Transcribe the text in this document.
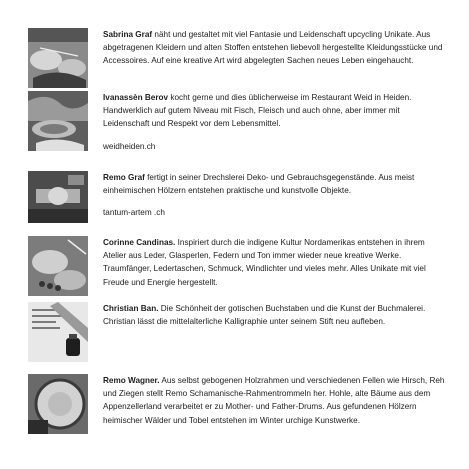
Sabrina Graf näht und gestaltet mit viel Fantasie und Leidenschaft upcycling Unikate. Aus abgetragenen Kleidern und alten Stoffen entstehen liebevoll hergestellte Kleidungsstücke und Accessoires. Auf eine kreative Art wird abgelegten Sachen neues Leben eingehaucht.

Ivanassèn Berov kocht gerne und dies üblicherweise im Restaurant Weid in Heiden. Handwerklich auf gutem Niveau mit Fisch, Fleisch und auch ohne, aber immer mit Leidenschaft und Respekt vor dem Lebensmittel.

weidheiden.ch

Remo Graf fertigt in seiner Drechslerei Deko- und Gebrauchsgegenstände. Aus meist einheimischen Hölzern entstehen praktische und kunstvolle Objekte.

tantum-artem .ch

Corinne Candinas. Inspiriert durch die indigene Kultur Nordamerikas entstehen in ihrem Atelier aus Leder, Glasperlen, Federn und Ton immer wieder neue kreative Werke. Traumfänger, Ledertaschen, Schmuck, Windlichter und vieles mehr. Alles Unikate mit viel Freude und Energie hergestellt.

Christian Ban. Die Schönheit der gotischen Buchstaben und die Kunst der Buchmalerei. Christian lässt die mittelalterliche Kalligraphie unter seinem Stift neu aufleben.

Remo Wagner. Aus selbst gebogenen Holzrahmen und verschiedenen Fellen wie Hirsch, Reh und Ziegen stellt Remo Schamanische-Rahmentrommeln her. Hohle, alte Bäume aus dem Appenzellerland verarbeitet er zu Mother- und Father-Drums. Aus gefundenen Hölzern heimischer Wälder und Tobel entstehen im Winter urchige Kunstwerke.
